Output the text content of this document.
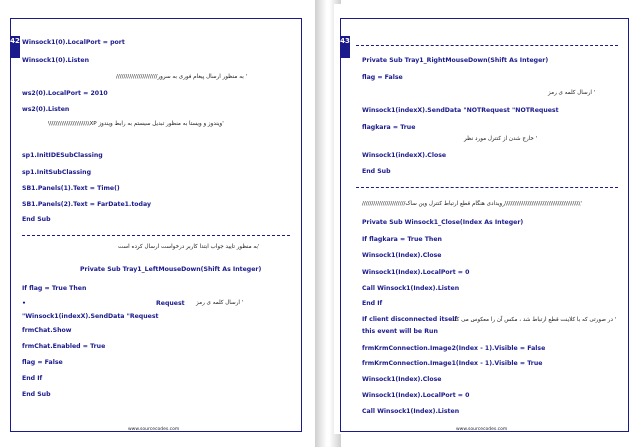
42 Winsock1(0).LocalPort = port
Winsock1(0).Listen
//////////////////////به منظور ارسال پیغام فوری به سرور '
ws2(0).LocalPort = 2010
ws2(0).Listen
\\\\\\\\\\\\\\\\\\\\\\XP ویندوز و ویستا به منظور تبدیل سیستم به رابط ویندوز'
sp1.InitIDESubClassing
sp1.InitSubClassing
SB1.Panels(1).Text = Time()
SB1.Panels(2).Text = FarDate1.today
End Sub
به منظور تایید جواب ابتدا کاربر درخواست ارسال کرده است'
Private Sub Tray1_LeftMouseDown(Shift As Integer)
If flag = True Then
•	Request ارسال کلمه ی رمز '
"Winsock1(indexX).SendData "Request
frmChat.Show
frmChat.Enabled = True
flag = False
End If
End Sub
www.sourcecodes.com
43
Private Sub Tray1_RightMouseDown(Shift As Integer)
flag = False
ارسال کلمه ی رمز '
Winsock1(indexX).SendData "NOTRequest "NOTRequest
flagkara = True
خارج شدن از کنترل مورد نظر '
Winsock1(indexX).Close
End Sub
///////////////////////رویدادی هنگام قطع ارتباط کنترل وین ساک\\\\\\\\\\\\\\\\\\\\\\\\\\\\\\\\\\\\\\\\'
Private Sub Winsock1_Close(Index As Integer)
If flagkara = True Then
Winsock1(Index).Close
Winsock1(Index).LocalPort = 0
Call Winsock1(Index).Listen
End If
If client disconnected itself
در صورتی که با کلاینت قطع ارتباط شد ، مکس آن را معکوس می کند '
this event will be Run
frmKrmConnection.Image2(Index - 1).Visible = False
frmKrmConnection.Image1(Index - 1).Visible = True
Winsock1(Index).Close
Winsock1(Index).LocalPort = 0
Call Winsock1(Index).Listen
www.sourcecodes.com
